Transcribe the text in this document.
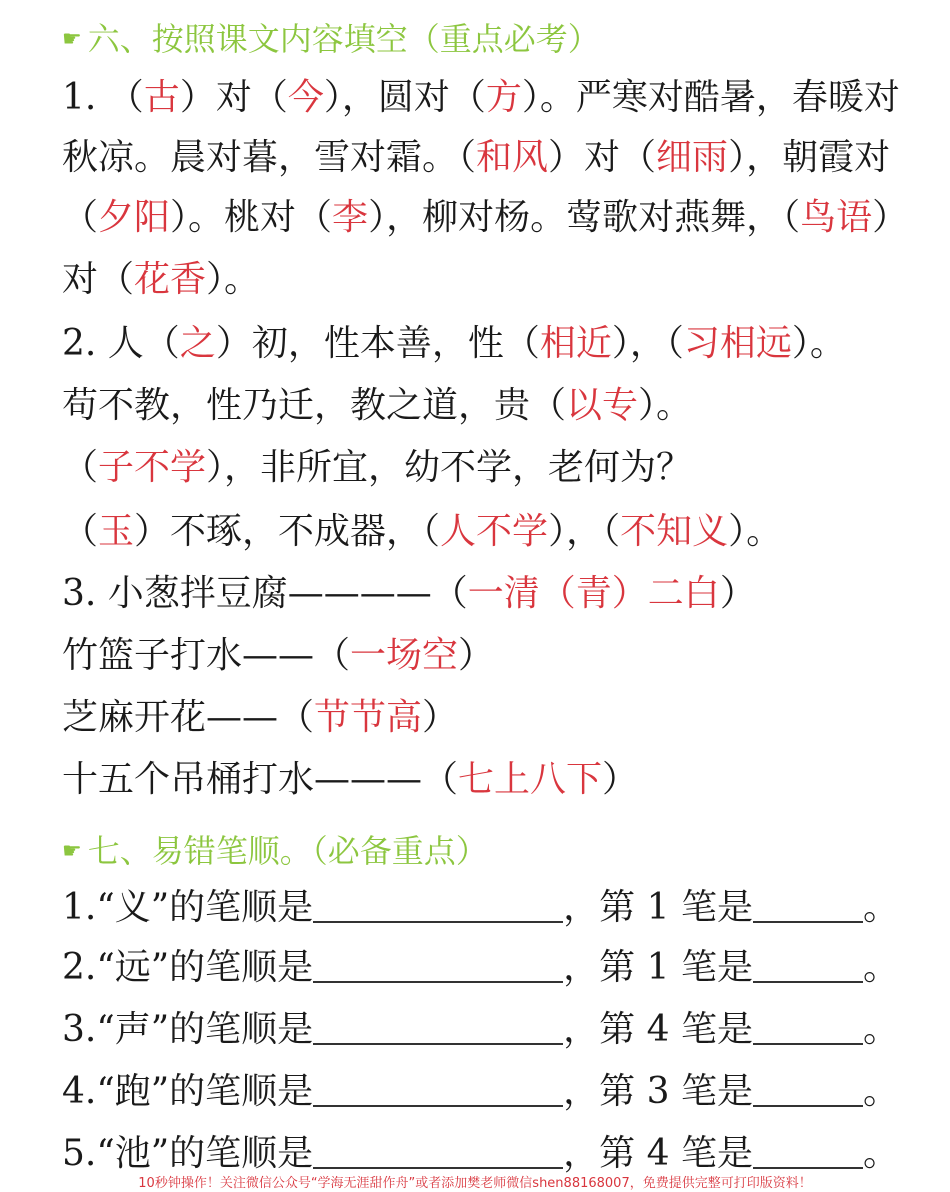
☛ 六、按照课文内容填空（重点必考）
1. （古）对（今），圆对（方）。严寒对酷暑，春暖对
秋凉。晨对暮，雪对霜。（和风）对（细雨），朝霞对
（夕阳）。桃对（李），柳对杨。莺歌对燕舞，（鸟语）
对（花香）。
2. 人（之）初，性本善，性（相近），（习相远）。
苟不教，性乃迁，教之道，贵（以专）。
（子不学），非所宜，幼不学，老何为？
（玉）不琢，不成器，（人不学），（不知义）。
3. 小葱拌豆腐————（一清（青）二白）
竹篮子打水——（一场空）
芝麻开花——（节节高）
十五个吊桶打水———（七上八下）
☛ 七、易错笔顺。（必备重点）
1.“义”的笔顺是	，第 1 笔是	。
2.“远”的笔顺是	，第 1 笔是	。
3.“声”的笔顺是	，第 4 笔是	。
4.“跑”的笔顺是	，第 3 笔是	。
5.“池”的笔顺是	，第 4 笔是	。
10秒钟操作！关注微信公众号“学海无涯甜作舟”或者添加樊老师微信shen88168007，免费提供完整可打印版资料！
